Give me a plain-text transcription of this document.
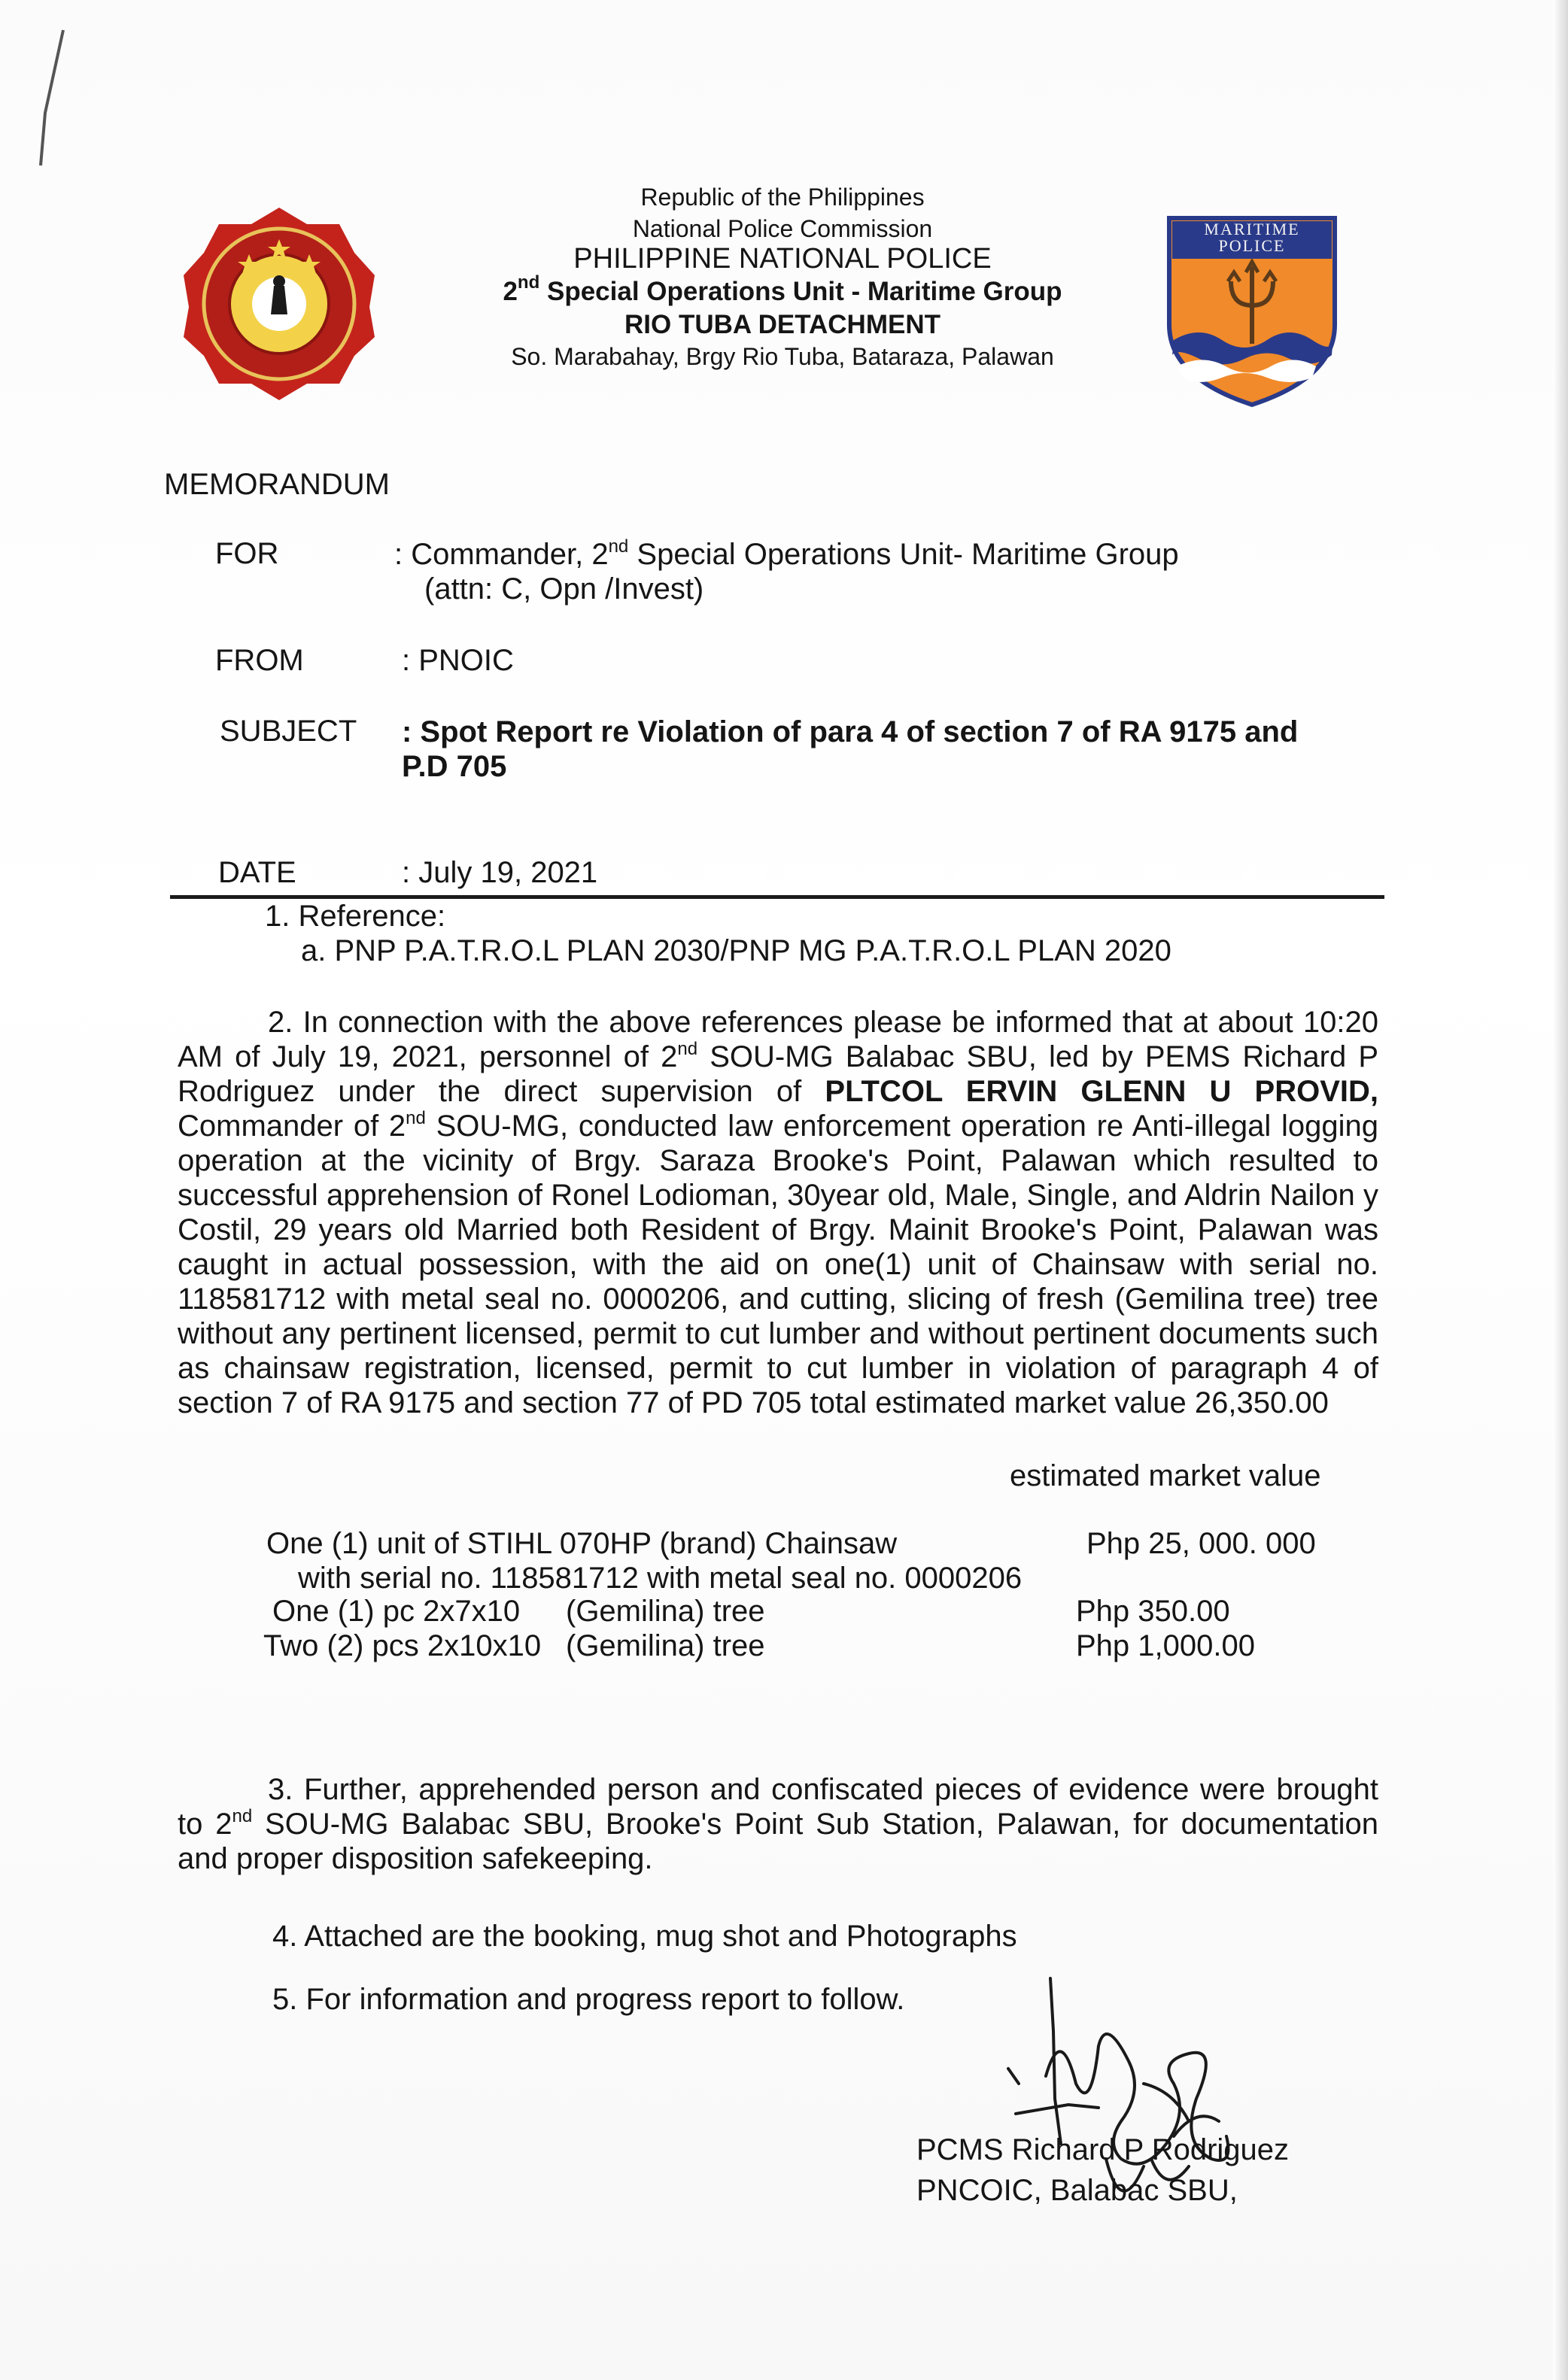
MARITIME
POLICE
Republic of the Philippines
National Police Commission
PHILIPPINE NATIONAL POLICE
2nd Special Operations Unit - Maritime Group
RIO TUBA DETACHMENT
So. Marabahay, Brgy Rio Tuba, Bataraza, Palawan
MEMORANDUM
FOR	: Commander, 2nd Special Operations Unit- Maritime Group
(attn: C, Opn /Invest)
FROM	: PNOIC
SUBJECT : Spot Report re Violation of para 4 of section 7 of RA 9175 and P.D 705
DATE	: July 19, 2021
1. Reference:
a. PNP P.A.T.R.O.L PLAN 2030/PNP MG P.A.T.R.O.L PLAN 2020
2. In connection with the above references please be informed that at about 10:20 AM of July 19, 2021, personnel of 2nd SOU-MG Balabac SBU, led by PEMS Richard P Rodriguez under the direct supervision of PLTCOL ERVIN GLENN U PROVID, Commander of 2nd SOU-MG, conducted law enforcement operation re Anti-illegal logging operation at the vicinity of Brgy. Saraza Brooke's Point, Palawan which resulted to successful apprehension of Ronel Lodioman, 30year old, Male, Single, and Aldrin Nailon y Costil, 29 years old Married both Resident of Brgy. Mainit Brooke's Point, Palawan was caught in actual possession, with the aid on one(1) unit of Chainsaw with serial no. 118581712 with metal seal no. 0000206, and cutting, slicing of fresh (Gemilina tree) tree without any pertinent licensed, permit to cut lumber and without pertinent documents such as chainsaw registration, licensed, permit to cut lumber in violation of paragraph 4 of section 7 of RA 9175 and section 77 of PD 705 total estimated market value 26,350.00
estimated market value
One (1) unit of STIHL 070HP (brand) Chainsaw
with serial no. 118581712 with metal seal no. 0000206
Php 25, 000. 000
One (1) pc 2x7x10 (Gemilina) tree	Php 350.00
Two (2) pcs 2x10x10 (Gemilina) tree	Php 1,000.00
3. Further, apprehended person and confiscated pieces of evidence were brought to 2nd SOU-MG Balabac SBU, Brooke's Point Sub Station, Palawan, for documentation and proper disposition safekeeping.
4. Attached are the booking, mug shot and Photographs
5. For information and progress report to follow.
PCMS Richard P Rodriguez
PNCOIC, Balabac SBU,
